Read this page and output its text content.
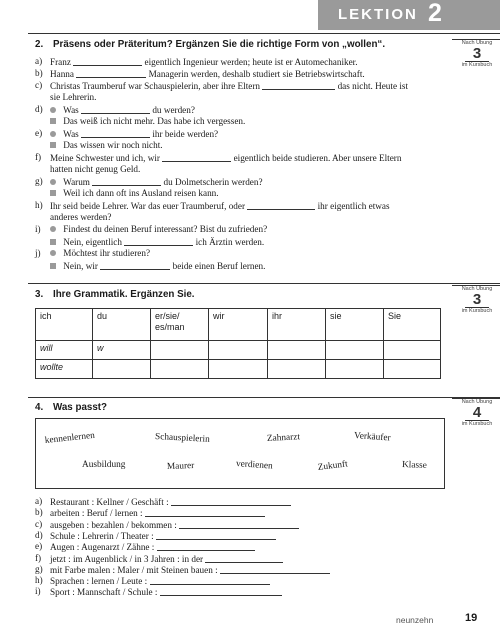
LEKTION 2
2. Präsens oder Präteritum? Ergänzen Sie die richtige Form von „wollen“.	Nach Übung
3
im Kursbuch
a) Franz	eigentlich Ingenieur werden; heute ist er Automechaniker.
b) Hanna	Managerin werden, deshalb studiert sie Betriebswirtschaft.
c) Christas Traumberuf war Schauspielerin, aber ihre Eltern	das nicht. Heute ist
sie Lehrerin.
d)	Was	du werden?
Das weiß ich nicht mehr. Das habe ich vergessen.
e)	Was	ihr beide werden?
Das wissen wir noch nicht.
f) Meine Schwester und ich, wir	eigentlich beide studieren. Aber unsere Eltern
hatten nicht genug Geld.
g)	Warum	du Dolmetscherin werden?
Weil ich dann oft ins Ausland reisen kann.
h) Ihr seid beide Lehrer. War das euer Traumberuf, oder	ihr eigentlich etwas
anderes werden?
i)	Findest du deinen Beruf interessant? Bist du zufrieden?
Nein, eigentlich	ich Ärztin werden.
j)	Möchtest ihr studieren?
Nein, wir	beide einen Beruf lernen.
3. Ihre Grammatik. Ergänzen Sie.	Nach Übung
3
im Kursbuch
ich	du	er/sie/
es/man	wir	ihr	sie	Sie
will	w					
wollte						
4. Was passt?	Nach Übung
4
im Kursbuch
kennenlernen	Schauspielerin	Zahnarzt	Verkäufer
Ausbildung	Maurer	verdienen	Zukunft	Klasse
a) Restaurant : Kellner / Geschäft :
b) arbeiten : Beruf / lernen :
c) ausgeben : bezahlen / bekommen :
d) Schule : Lehrerin / Theater :
e) Augen : Augenarzt / Zähne :
f) jetzt : im Augenblick / in 3 Jahren : in der
g) mit Farbe malen : Maler / mit Steinen bauen :
h) Sprachen : lernen / Leute :
i) Sport : Mannschaft / Schule :
neunzehn	19
